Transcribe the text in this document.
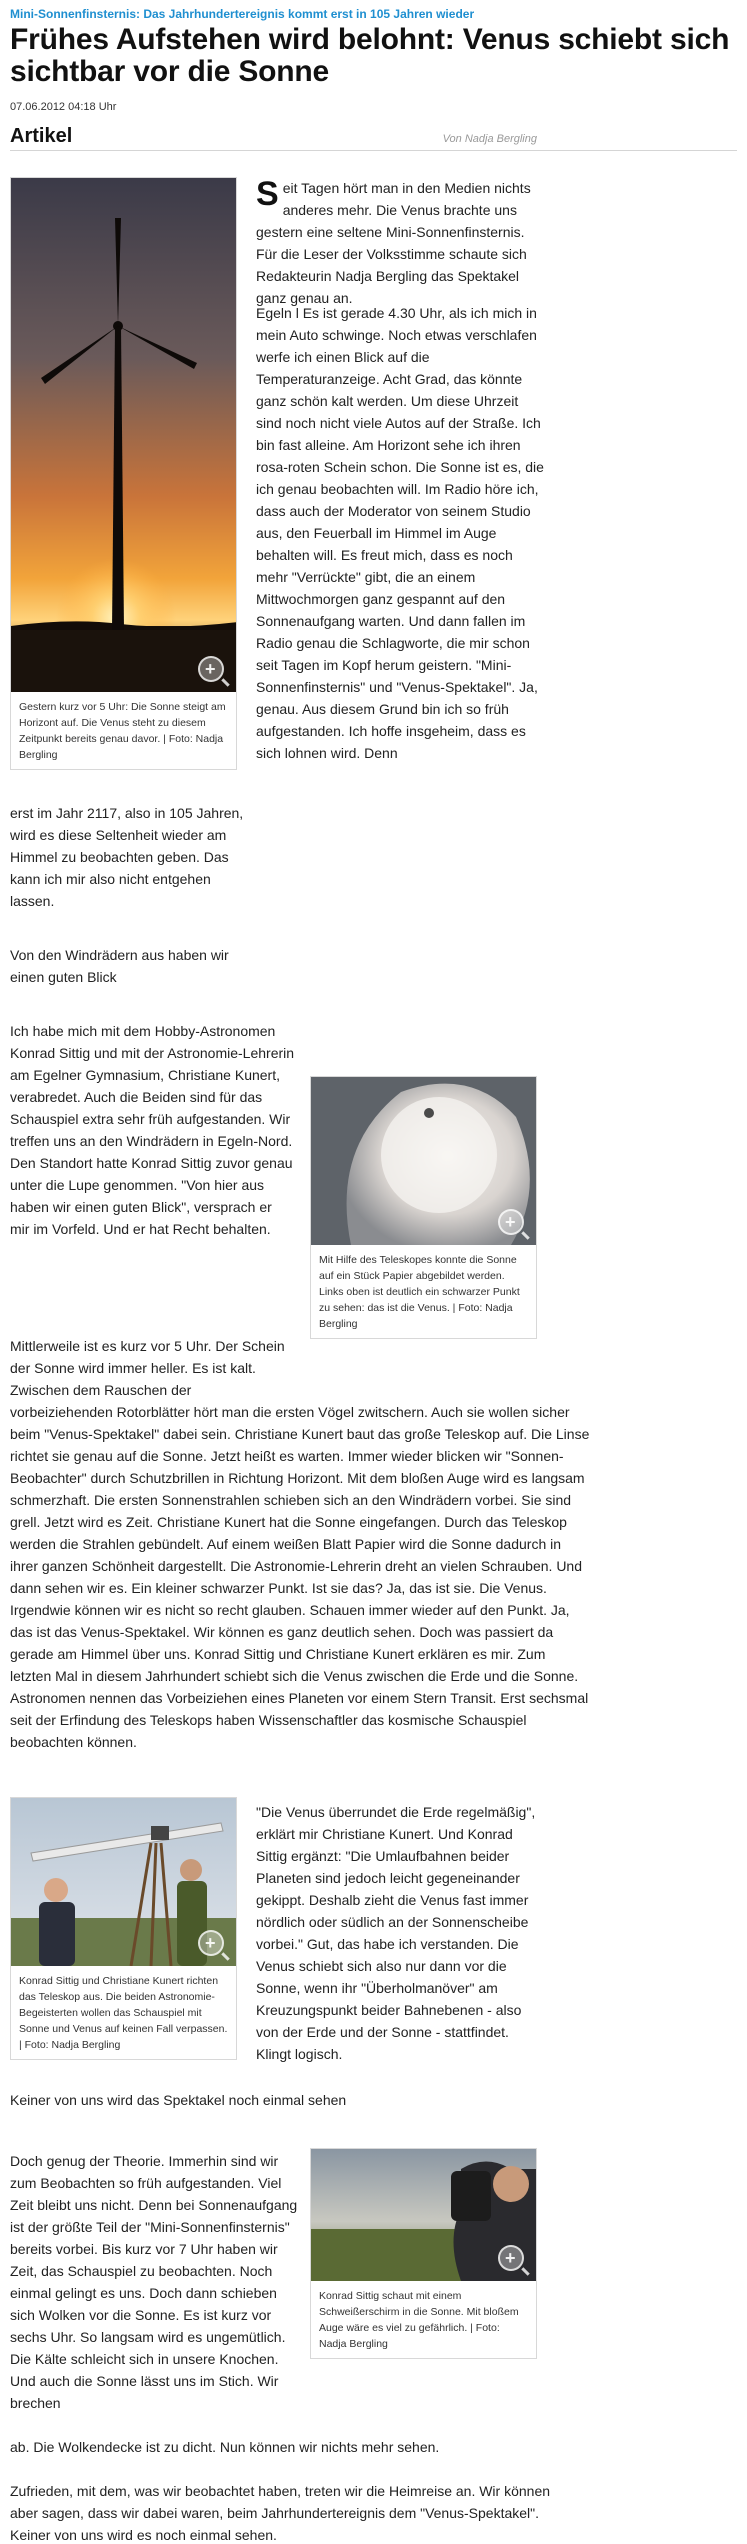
Mini-Sonnenfinsternis: Das Jahrhundertereignis kommt erst in 105 Jahren wieder
Frühes Aufstehen wird belohnt: Venus schiebt sich sichtbar vor die Sonne
07.06.2012 04:18 Uhr
Artikel	Von Nadja Bergling
+
Gestern kurz vor 5 Uhr: Die Sonne steigt am Horizont auf. Die Venus steht zu diesem Zeitpunkt bereits genau davor. | Foto: Nadja Bergling
S eit Tagen hört man in den Medien nichts anderes mehr. Die Venus brachte uns gestern eine seltene Mini-Sonnenfinsternis. Für die Leser der Volksstimme schaute sich Redakteurin Nadja Bergling das Spektakel ganz genau an.
Egeln l Es ist gerade 4.30 Uhr, als ich mich in mein Auto schwinge. Noch etwas verschlafen werfe ich einen Blick auf die Temperaturanzeige. Acht Grad, das könnte ganz schön kalt werden. Um diese Uhrzeit sind noch nicht viele Autos auf der Straße. Ich bin fast alleine. Am Horizont sehe ich ihren rosa-roten Schein schon. Die Sonne ist es, die ich genau beobachten will. Im Radio höre ich, dass auch der Moderator von seinem Studio aus, den Feuerball im Himmel im Auge behalten will. Es freut mich, dass es noch mehr "Verrückte" gibt, die an einem Mittwochmorgen ganz gespannt auf den Sonnenaufgang warten. Und dann fallen im Radio genau die Schlagworte, die mir schon seit Tagen im Kopf herum geistern. "Mini-Sonnenfinsternis" und "Venus-Spektakel". Ja, genau. Aus diesem Grund bin ich so früh aufgestanden. Ich hoffe insgeheim, dass es sich lohnen wird. Denn
erst im Jahr 2117, also in 105 Jahren, wird es diese Seltenheit wieder am Himmel zu beobachten geben. Das kann ich mir also nicht entgehen lassen.
Von den Windrädern aus haben wir einen guten Blick
Ich habe mich mit dem Hobby-Astronomen Konrad Sittig und mit der Astronomie-Lehrerin am Egelner Gymnasium, Christiane Kunert, verabredet. Auch die Beiden sind für das Schauspiel extra sehr früh aufgestanden. Wir treffen uns an den Windrädern in Egeln-Nord. Den Standort hatte Konrad Sittig zuvor genau unter die Lupe genommen. "Von hier aus haben wir einen guten Blick", versprach er mir im Vorfeld. Und er hat Recht behalten.
+
Mit Hilfe des Teleskopes konnte die Sonne auf ein Stück Papier abgebildet werden. Links oben ist deutlich ein schwarzer Punkt zu sehen: das ist die Venus. | Foto: Nadja Bergling
Mittlerweile ist es kurz vor 5 Uhr. Der Schein der Sonne wird immer heller. Es ist kalt. Zwischen dem Rauschen der
vorbeiziehenden Rotorblätter hört man die ersten Vögel zwitschern. Auch sie wollen sicher beim "Venus-Spektakel" dabei sein. Christiane Kunert baut das große Teleskop auf. Die Linse richtet sie genau auf die Sonne. Jetzt heißt es warten. Immer wieder blicken wir "Sonnen-Beobachter" durch Schutzbrillen in Richtung Horizont. Mit dem bloßen Auge wird es langsam schmerzhaft. Die ersten Sonnenstrahlen schieben sich an den Windrädern vorbei. Sie sind grell. Jetzt wird es Zeit. Christiane Kunert hat die Sonne eingefangen. Durch das Teleskop werden die Strahlen gebündelt. Auf einem weißen Blatt Papier wird die Sonne dadurch in ihrer ganzen Schönheit dargestellt. Die Astronomie-Lehrerin dreht an vielen Schrauben. Und dann sehen wir es. Ein kleiner schwarzer Punkt. Ist sie das? Ja, das ist sie. Die Venus. Irgendwie können wir es nicht so recht glauben. Schauen immer wieder auf den Punkt. Ja, das ist das Venus-Spektakel. Wir können es ganz deutlich sehen. Doch was passiert da gerade am Himmel über uns. Konrad Sittig und Christiane Kunert erklären es mir. Zum letzten Mal in diesem Jahrhundert schiebt sich die Venus zwischen die Erde und die Sonne. Astronomen nennen das Vorbeiziehen eines Planeten vor einem Stern Transit. Erst sechsmal seit der Erfindung des Teleskops haben Wissenschaftler das kosmische Schauspiel beobachten können.
+
Konrad Sittig und Christiane Kunert richten das Teleskop aus. Die beiden Astronomie-Begeisterten wollen das Schauspiel mit Sonne und Venus auf keinen Fall verpassen. | Foto: Nadja Bergling
"Die Venus überrundet die Erde regelmäßig", erklärt mir Christiane Kunert. Und Konrad Sittig ergänzt: "Die Umlaufbahnen beider Planeten sind jedoch leicht gegeneinander gekippt. Deshalb zieht die Venus fast immer nördlich oder südlich an der Sonnenscheibe vorbei." Gut, das habe ich verstanden. Die Venus schiebt sich also nur dann vor die Sonne, wenn ihr "Überholmanöver" am Kreuzungspunkt beider Bahnebenen - also von der Erde und der Sonne - stattfindet. Klingt logisch.
Keiner von uns wird das Spektakel noch einmal sehen
Doch genug der Theorie. Immerhin sind wir zum Beobachten so früh aufgestanden. Viel Zeit bleibt uns nicht. Denn bei Sonnenaufgang ist der größte Teil der "Mini-Sonnenfinsternis" bereits vorbei. Bis kurz vor 7 Uhr haben wir Zeit, das Schauspiel zu beobachten. Noch einmal gelingt es uns. Doch dann schieben sich Wolken vor die Sonne. Es ist kurz vor sechs Uhr. So langsam wird es ungemütlich. Die Kälte schleicht sich in unsere Knochen. Und auch die Sonne lässt uns im Stich. Wir brechen
+
Konrad Sittig schaut mit einem Schweißerschirm in die Sonne. Mit bloßem Auge wäre es viel zu gefährlich. | Foto: Nadja Bergling
ab. Die Wolkendecke ist zu dicht. Nun können wir nichts mehr sehen.
Zufrieden, mit dem, was wir beobachtet haben, treten wir die Heimreise an. Wir können aber sagen, dass wir dabei waren, beim Jahrhundertereignis dem "Venus-Spektakel". Keiner von uns wird es noch einmal sehen.
